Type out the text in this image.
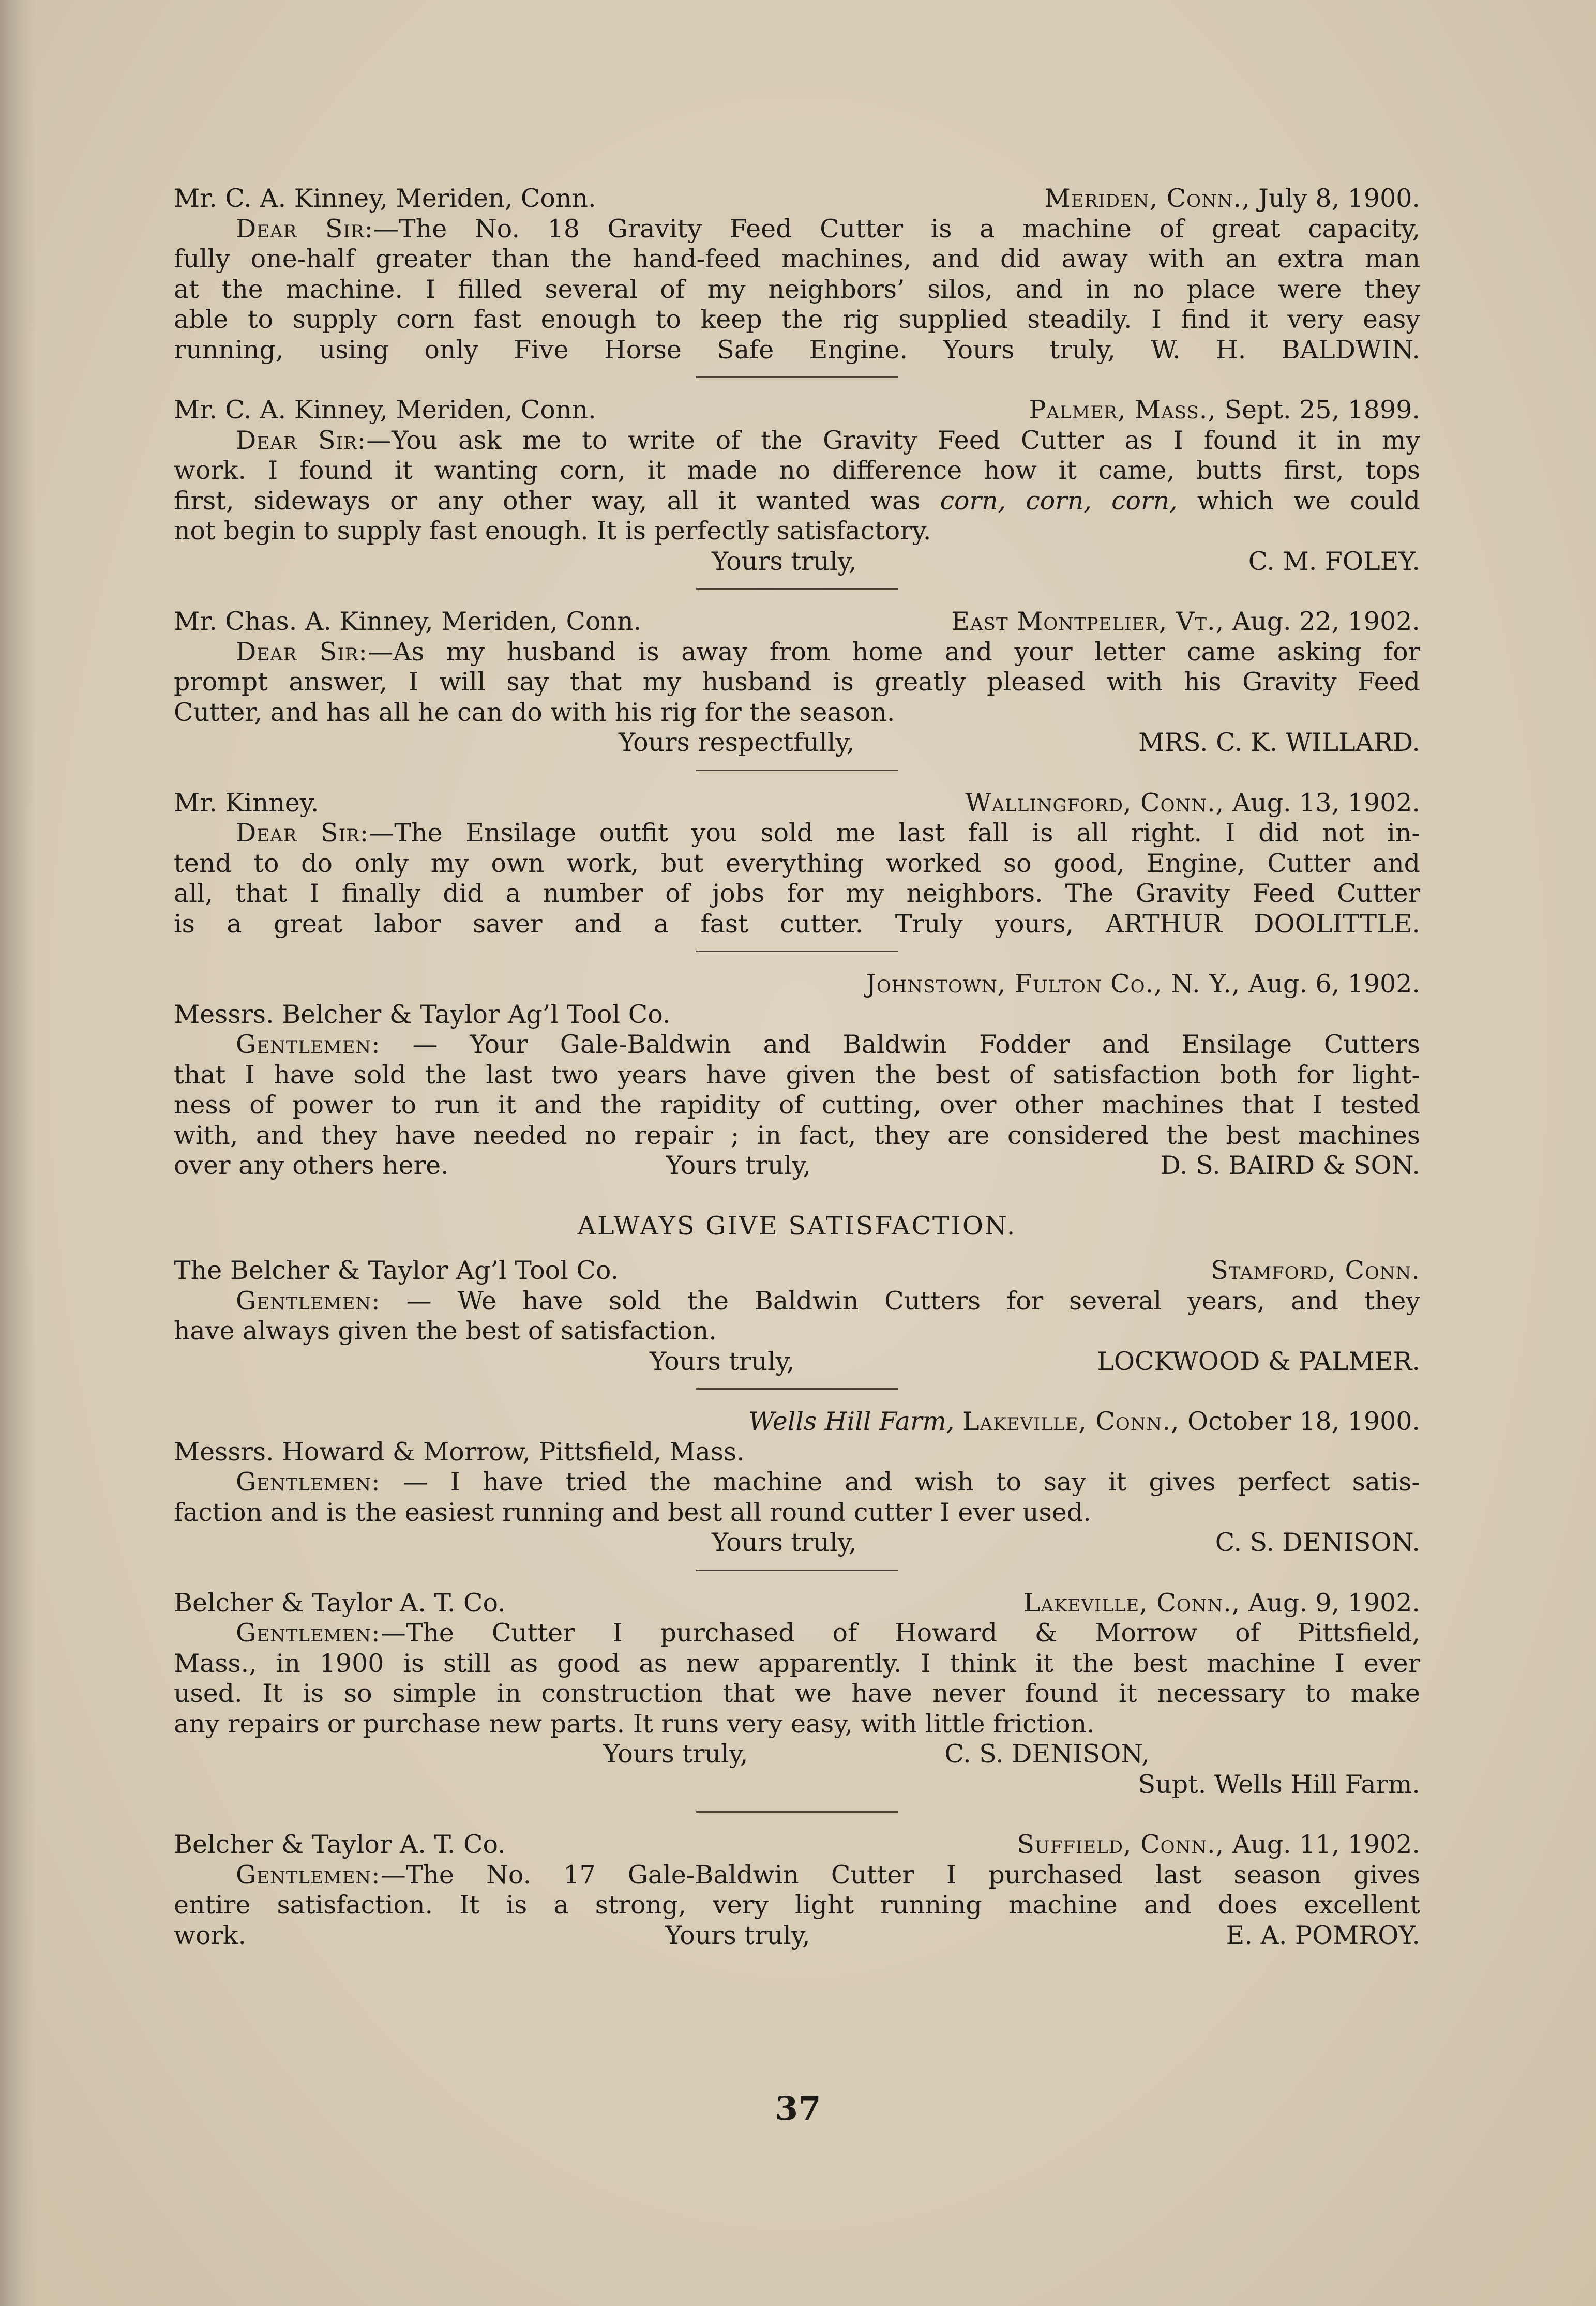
Mr. C. A. Kinney, Meriden, Conn.	Meriden, Conn., July 8, 1900.
Dear Sir:—The No. 18 Gravity Feed Cutter is a machine of great capacity,
fully one-half greater than the hand-feed machines, and did away with an extra man
at the machine. I filled several of my neighbors’ silos, and in no place were they
able to supply corn fast enough to keep the rig supplied steadily. I find it very easy
running, using only Five Horse Safe Engine. Yours truly, W. H. BALDWIN.
Mr. C. A. Kinney, Meriden, Conn.	Palmer, Mass., Sept. 25, 1899.
Dear Sir:—You ask me to write of the Gravity Feed Cutter as I found it in my
work. I found it wanting corn, it made no difference how it came, butts first, tops
first, sideways or any other way, all it wanted was corn, corn, corn, which we could
not begin to supply fast enough. It is perfectly satisfactory.
Yours truly,	C. M. FOLEY.
Mr. Chas. A. Kinney, Meriden, Conn.	East Montpelier, Vt., Aug. 22, 1902.
Dear Sir:—As my husband is away from home and your letter came asking for
prompt answer, I will say that my husband is greatly pleased with his Gravity Feed
Cutter, and has all he can do with his rig for the season.
Yours respectfully,	MRS. C. K. WILLARD.
Mr. Kinney.	Wallingford, Conn., Aug. 13, 1902.
Dear Sir:—The Ensilage outfit you sold me last fall is all right. I did not in-
tend to do only my own work, but everything worked so good, Engine, Cutter and
all, that I finally did a number of jobs for my neighbors. The Gravity Feed Cutter
is a great labor saver and a fast cutter. Truly yours, ARTHUR DOOLITTLE.
Johnstown, Fulton Co., N. Y., Aug. 6, 1902.
Messrs. Belcher & Taylor Ag’l Tool Co.
Gentlemen: — Your Gale-Baldwin and Baldwin Fodder and Ensilage Cutters
that I have sold the last two years have given the best of satisfaction both for light-
ness of power to run it and the rapidity of cutting, over other machines that I tested
with, and they have needed no repair ; in fact, they are considered the best machines
over any others here.	Yours truly,	D. S. BAIRD & SON.
ALWAYS GIVE SATISFACTION.
The Belcher & Taylor Ag’l Tool Co.	Stamford, Conn.
Gentlemen: — We have sold the Baldwin Cutters for several years, and they
have always given the best of satisfaction.
Yours truly,	LOCKWOOD & PALMER.
Wells Hill Farm, Lakeville, Conn., October 18, 1900.
Messrs. Howard & Morrow, Pittsfield, Mass.
Gentlemen: — I have tried the machine and wish to say it gives perfect satis-
faction and is the easiest running and best all round cutter I ever used.
Yours truly,	C. S. DENISON.
Belcher & Taylor A. T. Co.	Lakeville, Conn., Aug. 9, 1902.
Gentlemen:—The Cutter I purchased of Howard & Morrow of Pittsfield,
Mass., in 1900 is still as good as new apparently. I think it the best machine I ever
used. It is so simple in construction that we have never found it necessary to make
any repairs or purchase new parts. It runs very easy, with little friction.
Yours truly,	C. S. DENISON,
Supt. Wells Hill Farm.
Belcher & Taylor A. T. Co.	Suffield, Conn., Aug. 11, 1902.
Gentlemen:—The No. 17 Gale-Baldwin Cutter I purchased last season gives
entire satisfaction. It is a strong, very light running machine and does excellent
work.	Yours truly,	E. A. POMROY.
37
